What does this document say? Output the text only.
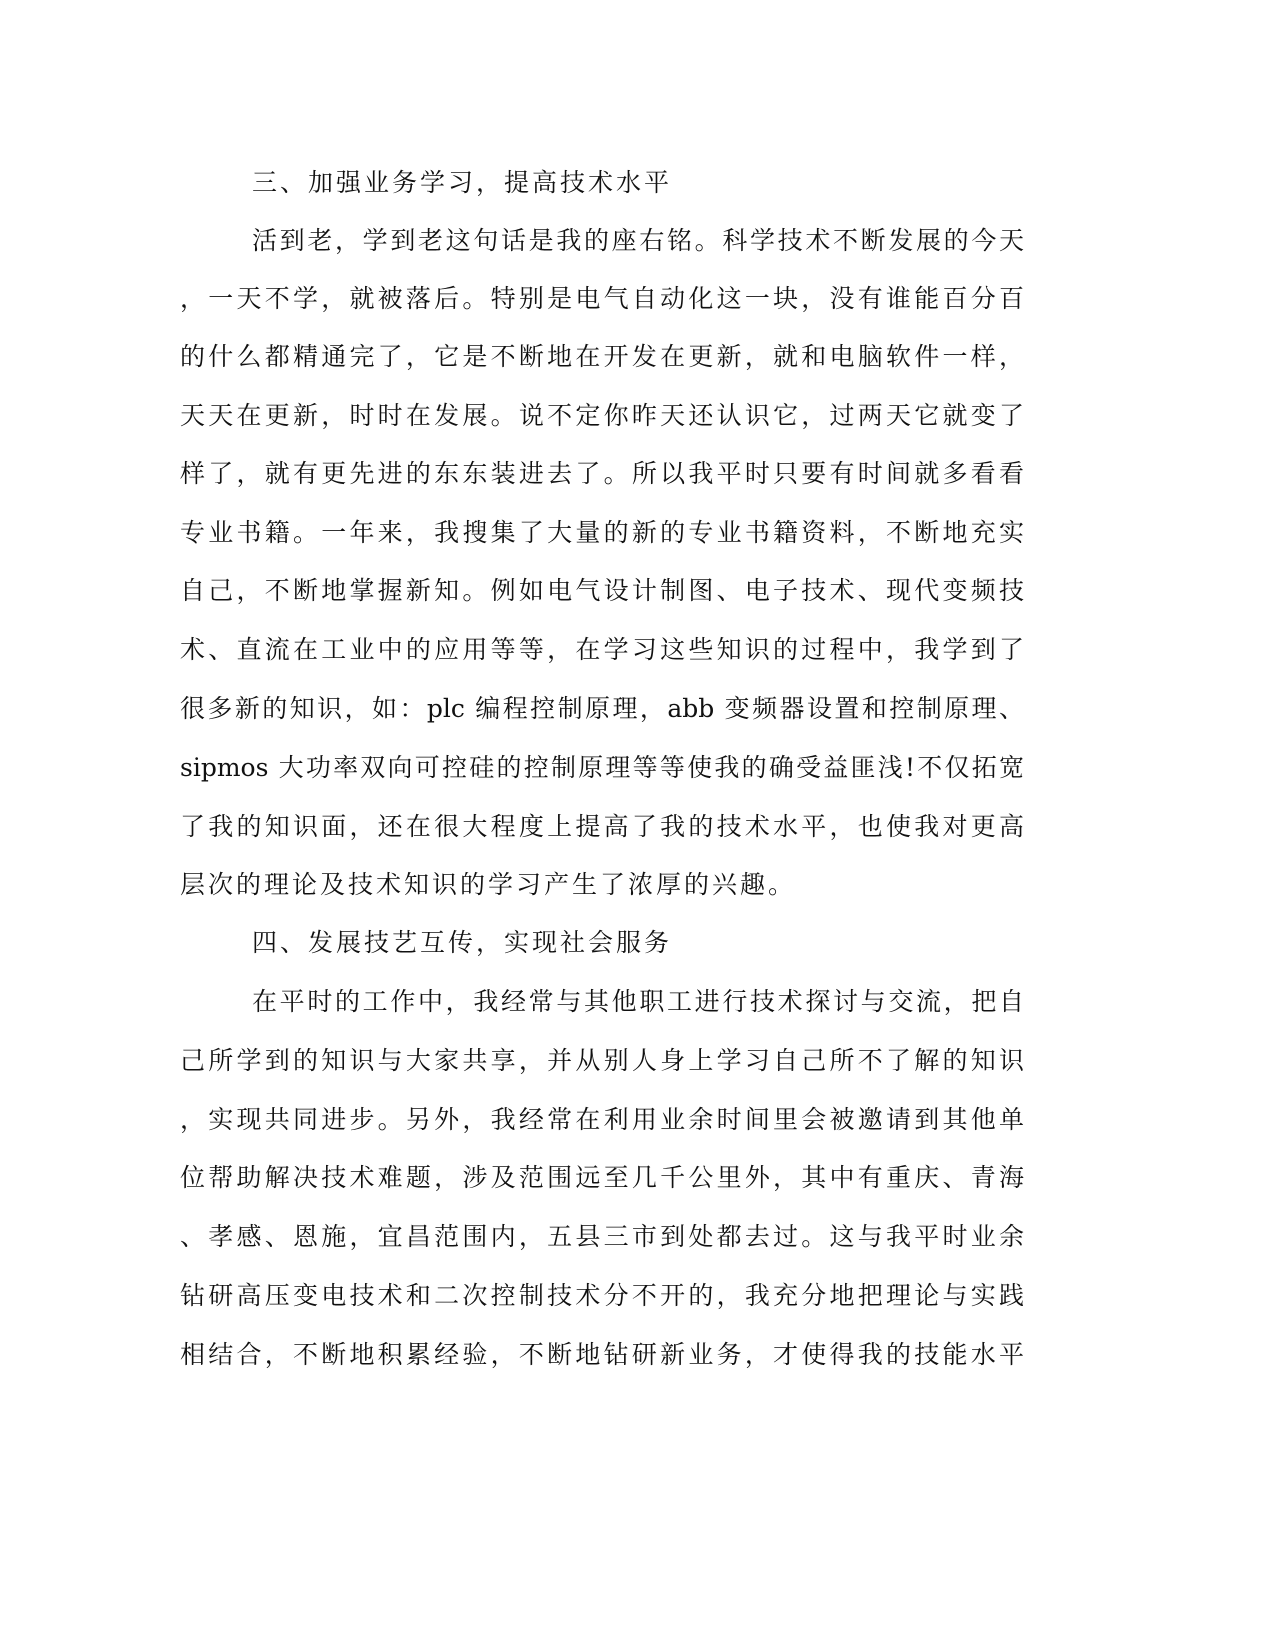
三、加强业务学习，提高技术水平
活到老，学到老这句话是我的座右铭。科学技术不断发展的今天
，一天不学，就被落后。特别是电气自动化这一块，没有谁能百分百
的什么都精通完了，它是不断地在开发在更新，就和电脑软件一样，
天天在更新，时时在发展。说不定你昨天还认识它，过两天它就变了
样了，就有更先进的东东装进去了。所以我平时只要有时间就多看看
专业书籍。一年来，我搜集了大量的新的专业书籍资料，不断地充实
自己，不断地掌握新知。例如电气设计制图、电子技术、现代变频技
术、直流在工业中的应用等等，在学习这些知识的过程中，我学到了
很多新的知识，如：plc 编程控制原理，abb 变频器设置和控制原理、
sipmos 大功率双向可控硅的控制原理等等使我的确受益匪浅!不仅拓宽
了我的知识面，还在很大程度上提高了我的技术水平，也使我对更高
层次的理论及技术知识的学习产生了浓厚的兴趣。
四、发展技艺互传，实现社会服务
在平时的工作中，我经常与其他职工进行技术探讨与交流，把自
己所学到的知识与大家共享，并从别人身上学习自己所不了解的知识
，实现共同进步。另外，我经常在利用业余时间里会被邀请到其他单
位帮助解决技术难题，涉及范围远至几千公里外，其中有重庆、青海
、孝感、恩施，宜昌范围内，五县三市到处都去过。这与我平时业余
钻研高压变电技术和二次控制技术分不开的，我充分地把理论与实践
相结合，不断地积累经验，不断地钻研新业务，才使得我的技能水平
